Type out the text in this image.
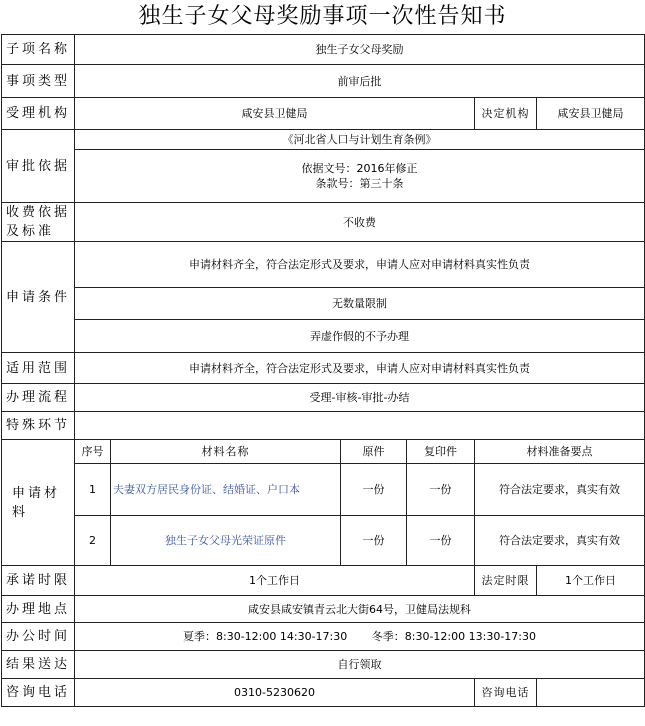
独生子女父母奖励事项一次性告知书
子项名称	独生子女父母奖励					
事项类型	前审后批					
受理机构	咸安县卫健局				决定机构	咸安县卫健局
审批依据	《河北省人口与计划生育条例》					

	依据文号：2016年修正
条款号：第三十条					

收费依据及标准	不收费					
申请条件	申请材料齐全，符合法定形式及要求，申请人应对申请材料真实性负责					
	无数量限制					
	弄虚作假的不予办理					
适用范围	申请材料齐全，符合法定形式及要求，申请人应对申请材料真实性负责					
办理流程	受理-审核-审批-办结					
特殊环节						
申请材料	序号	材料名称	原件	复印件	材料准备要点	
	1	夫妻双方居民身份证、结婚证、户口本	一份	一份	符合法定要求，真实有效	
	2	独生子女父母光荣证原件	一份	一份	符合法定要求，真实有效	
承诺时限	1个工作日				法定时限	1个工作日
办理地点	咸安县咸安镇青云北大街64号，卫健局法规科					
办公时间	夏季：8:30-12:00 14:30-17:30 冬季：8:30-12:00 13:30-17:30					
结果送达	自行领取					
咨询电话	0310-5230620				咨询电话	
